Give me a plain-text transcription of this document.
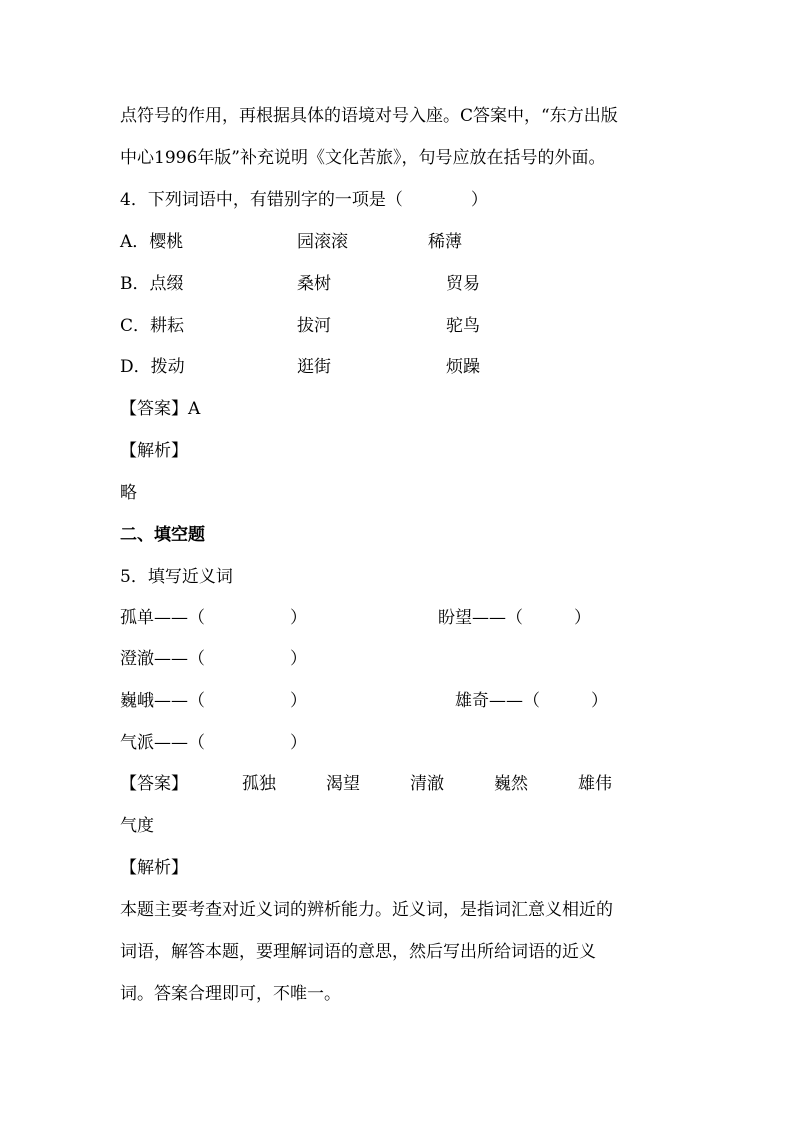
点符号的作用，再根据具体的语境对号入座。C答案中，“东方出版
中心1996年版”补充说明《文化苦旅》，句号应放在括号的外面。
4．下列词语中，有错别字的一项是（　　　　）
A．樱桃	园滚滚	稀薄
B．点缀	桑树	贸易
C．耕耘	拔河	驼鸟
D．拨动	逛街	烦躁
【答案】A
【解析】
略
二、填空题
5．填写近义词
孤单——（　　　　　）	盼望——（　　　）
澄澈——（　　　　　）
巍峨——（　　　　　）	雄奇——（　　　）
气派——（　　　　　）
【答案】	孤独	渴望	清澈	巍然	雄伟
气度
【解析】
本题主要考查对近义词的辨析能力。近义词，是指词汇意义相近的
词语，解答本题，要理解词语的意思，然后写出所给词语的近义
词。答案合理即可，不唯一。
